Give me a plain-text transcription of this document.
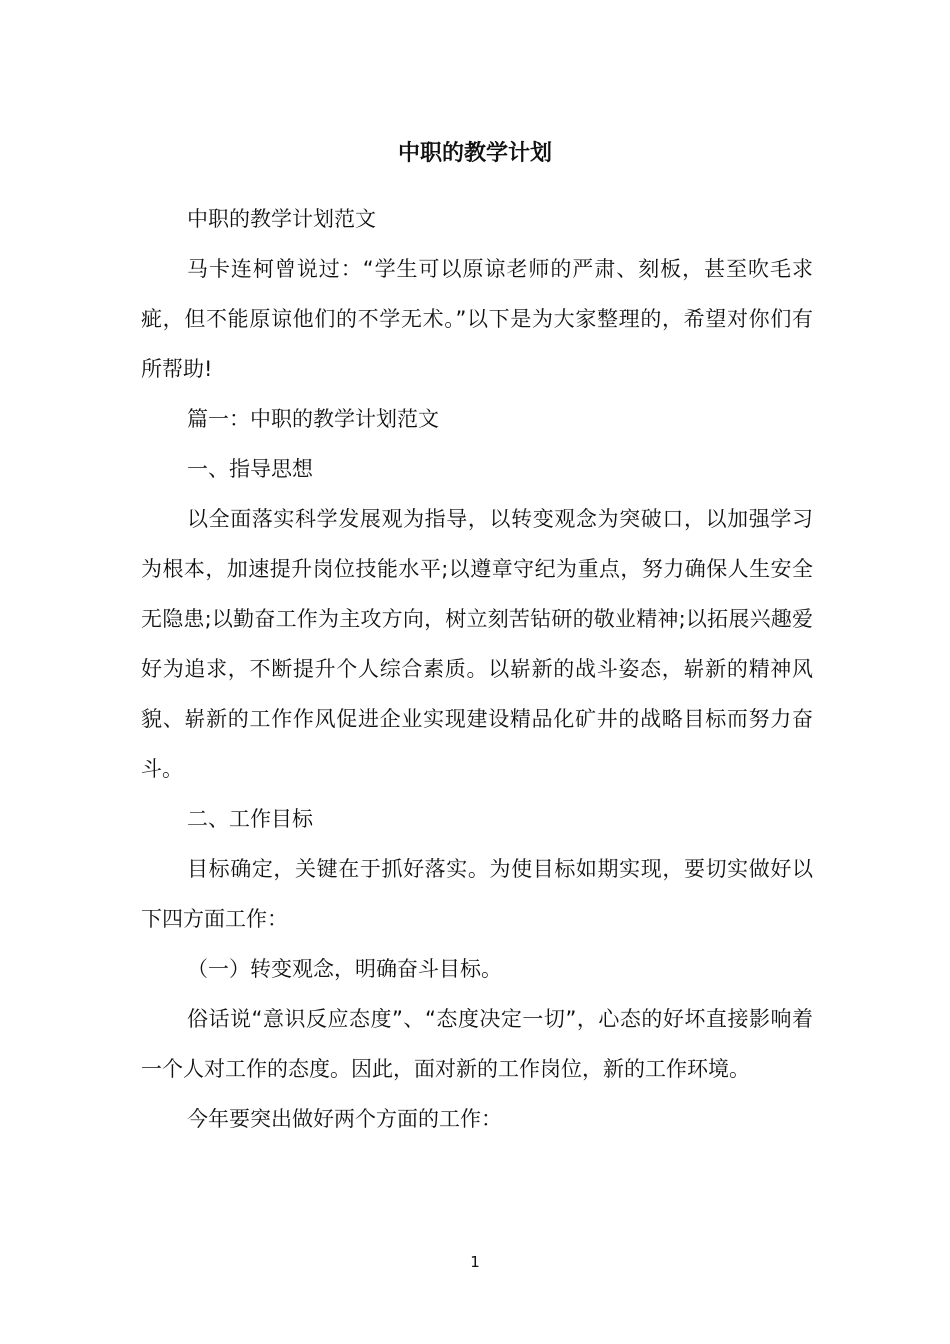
中职的教学计划

中职的教学计划范文

马卡连柯曾说过：“学生可以原谅老师的严肃、刻板，甚至吹毛求疵，但不能原谅他们的不学无术。”以下是为大家整理的，希望对你们有所帮助!

篇一：中职的教学计划范文

一、指导思想

以全面落实科学发展观为指导，以转变观念为突破口，以加强学习为根本，加速提升岗位技能水平;以遵章守纪为重点，努力确保人生安全无隐患;以勤奋工作为主攻方向，树立刻苦钻研的敬业精神;以拓展兴趣爱好为追求，不断提升个人综合素质。以崭新的战斗姿态，崭新的精神风貌、崭新的工作作风促进企业实现建设精品化矿井的战略目标而努力奋斗。

二、工作目标

目标确定，关键在于抓好落实。为使目标如期实现，要切实做好以下四方面工作：

（一）转变观念，明确奋斗目标。

俗话说“意识反应态度”、“态度决定一切”，心态的好坏直接影响着一个人对工作的态度。因此，面对新的工作岗位，新的工作环境。

今年要突出做好两个方面的工作：

1
